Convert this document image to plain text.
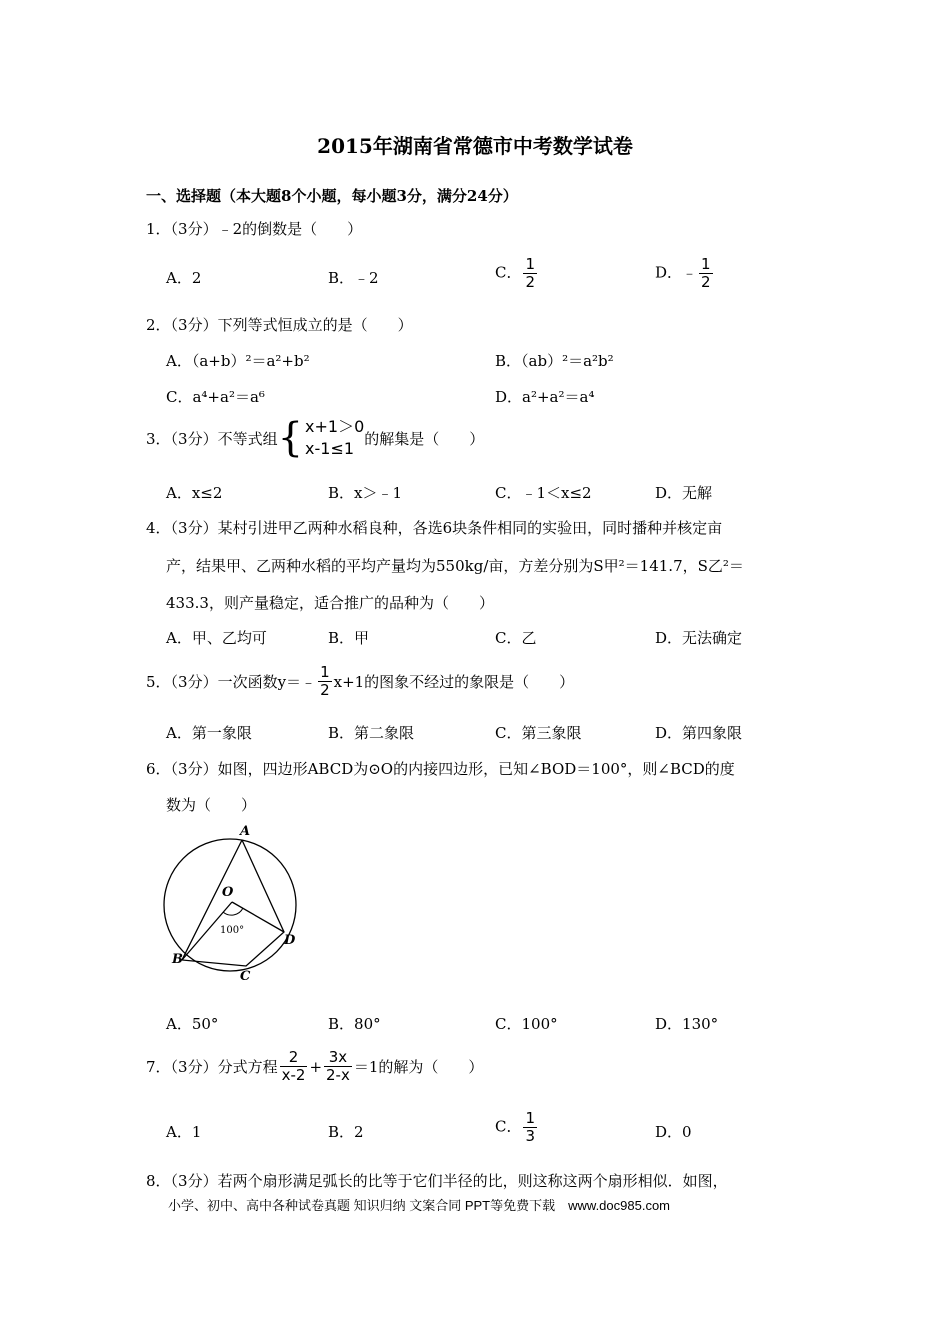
2015年湖南省常德市中考数学试卷
一、选择题（本大题8个小题，每小题3分，满分24分）
1．（3分）﹣2的倒数是（　　）
A．2	B．﹣2	C． $\frac{1}{2}$	D．﹣ $\frac{1}{2}$
2．（3分）下列等式恒成立的是（　　）
A．（a+b）²＝a²+b²	B．（ab）²＝a²b²
C．a⁴+a²＝a⁶	D．a²+a²＝a⁴
3．（3分）不等式组 { x+1＞0
x-1≤1
的解集是（　　）
A．x≤2	B．x＞﹣1	C．﹣1＜x≤2	D．无解
4．（3分）某村引进甲乙两种水稻良种，各选6块条件相同的实验田，同时播种并核定亩
产，结果甲、乙两种水稻的平均产量均为550kg/亩，方差分别为S甲²＝141.7，S乙²＝
433.3，则产量稳定，适合推广的品种为（　　）
A．甲、乙均可	B．甲	C．乙	D．无法确定
5．（3分）一次函数y＝﹣ $\frac{1}{2} x+1$的图象不经过的象限是（　　）
A．第一象限	B．第二象限	C．第三象限	D．第四象限
6．（3分）如图，四边形ABCD为⊙O的内接四边形，已知∠BOD＝100°，则∠BCD的度
数为（　　）
A
O
100°
B
D
C
A．50°	B．80°	C．100°	D．130°
7．（3分）分式方程 $\frac{2}{x-2} + \frac{3x}{2-x} =1$的解为（　　）
A．1	B．2	C． $\frac{1}{3}$	D．0
8．（3分）若两个扇形满足弧长的比等于它们半径的比，则这称这两个扇形相似．如图，
小学、初中、高中各种试卷真题 知识归纳 文案合同 PPT等免费下载　www.doc985.com
